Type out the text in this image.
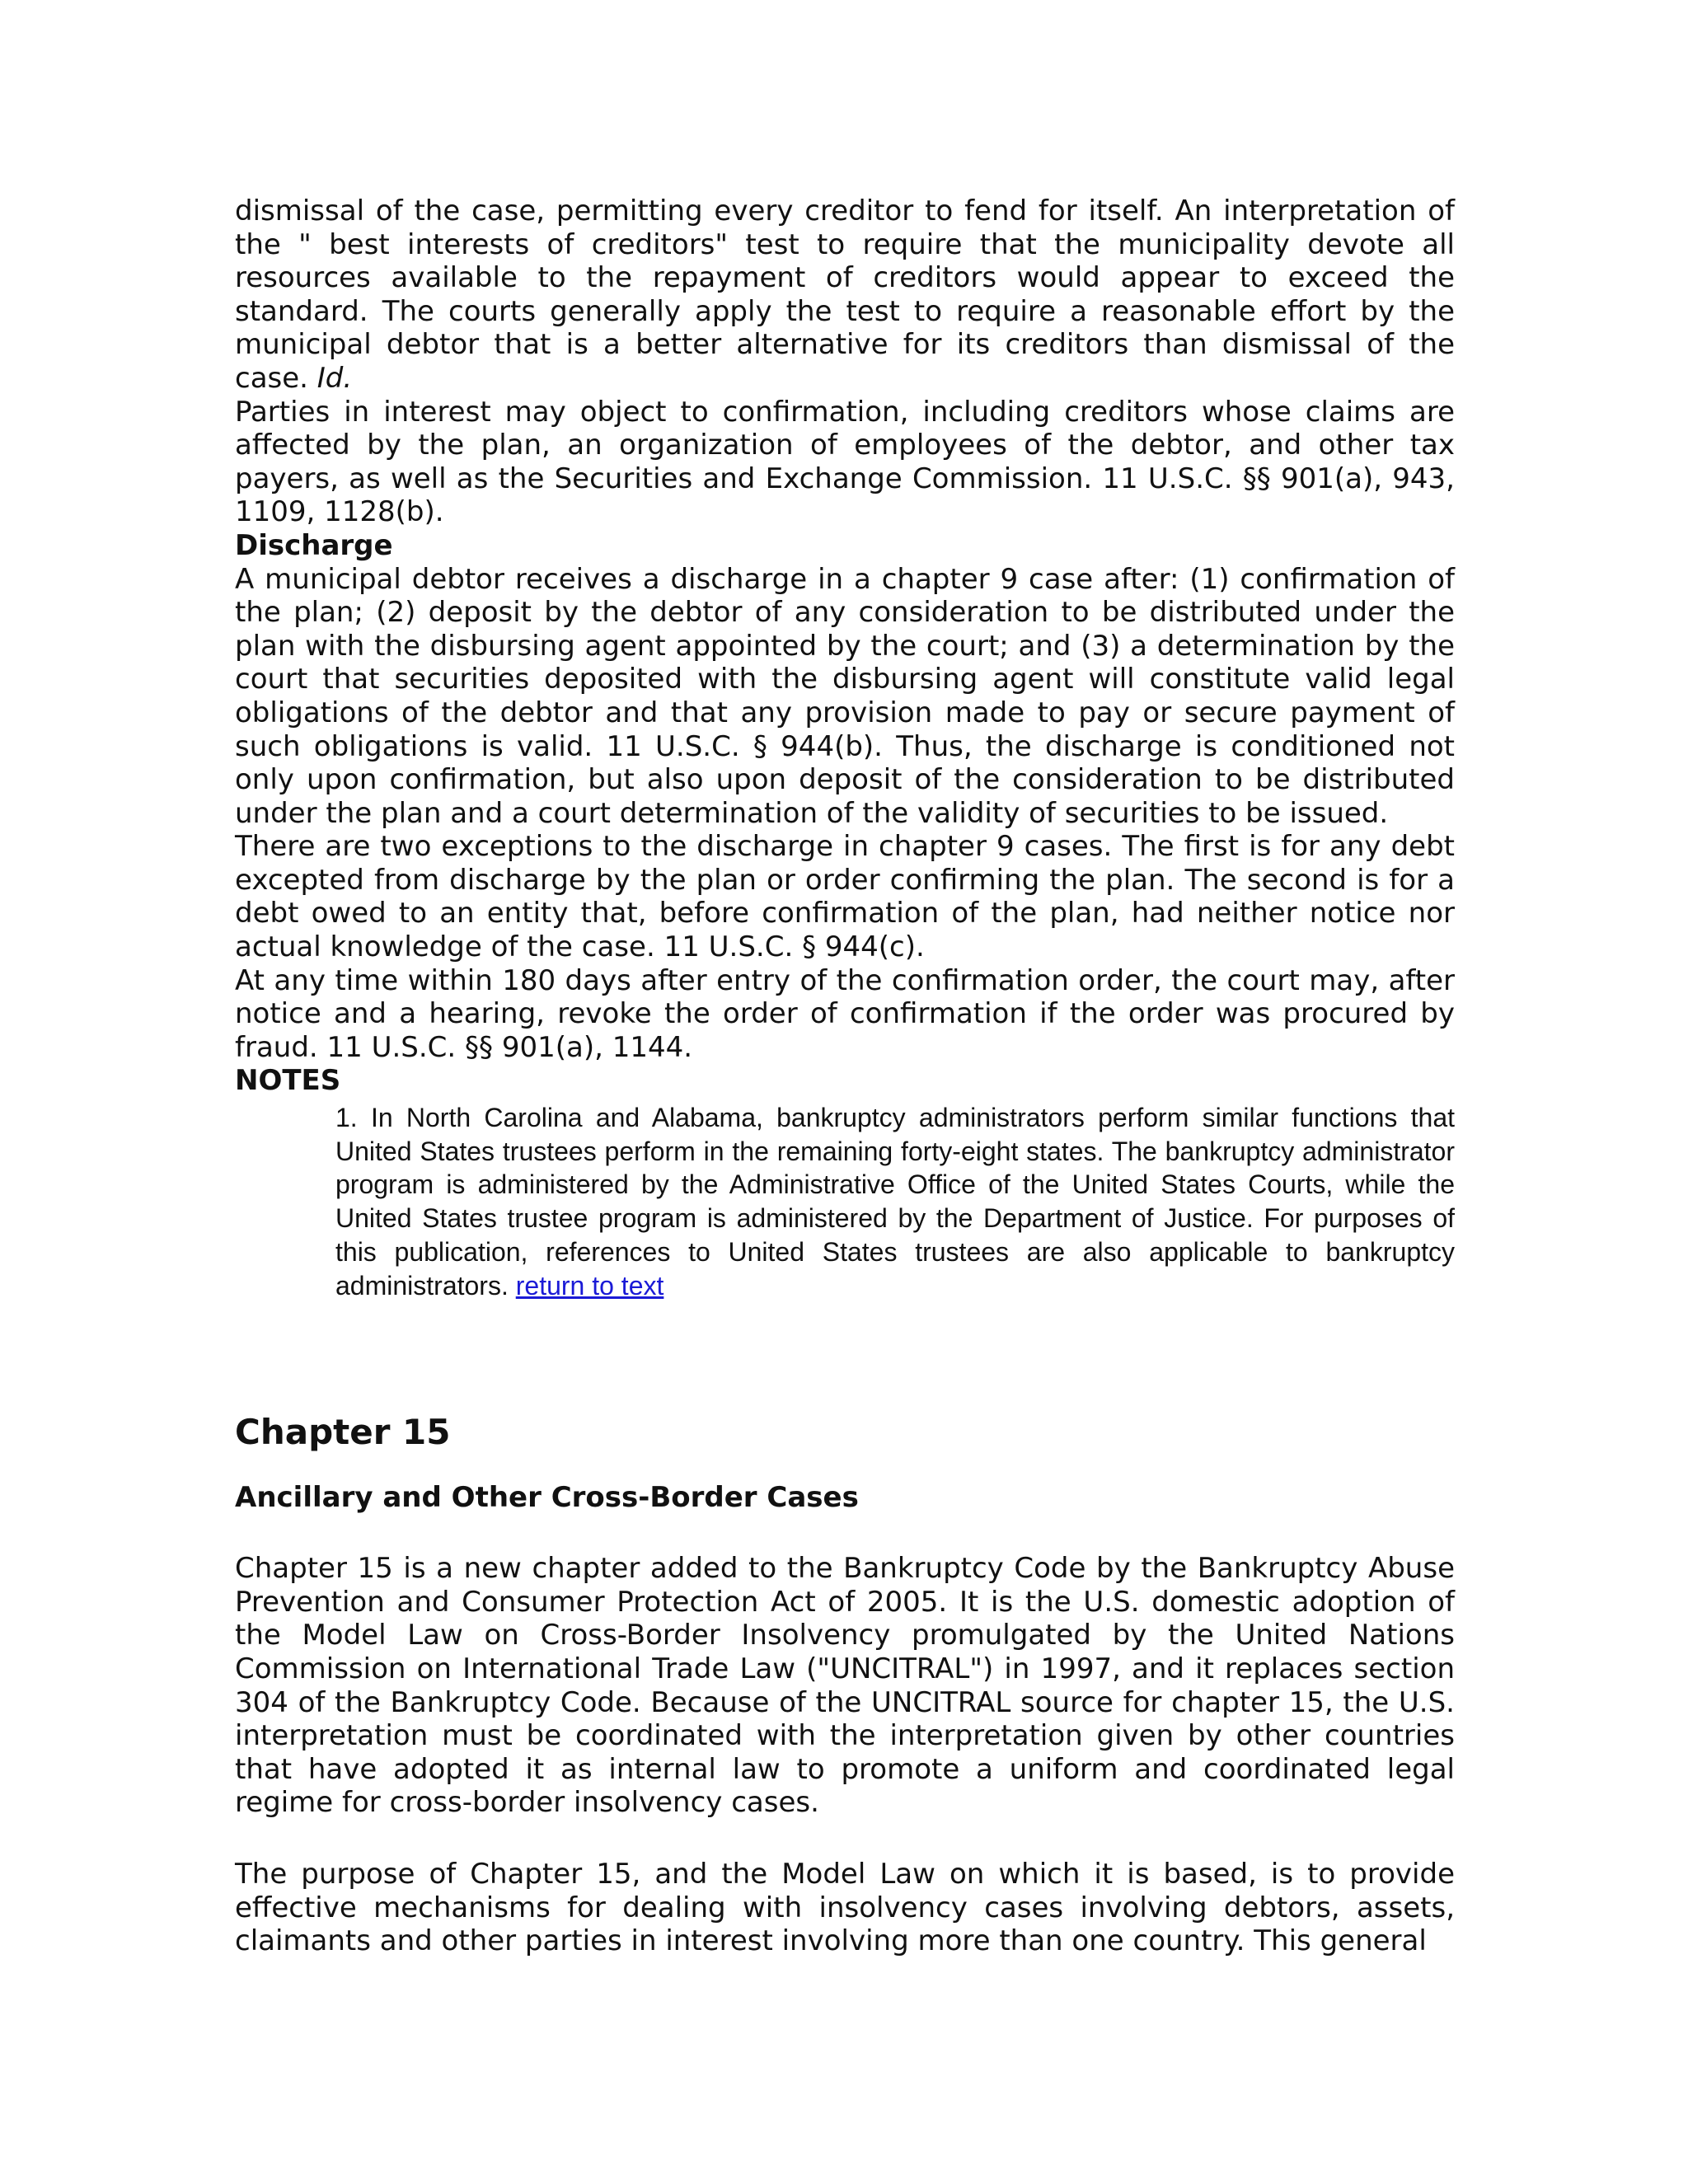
dismissal of the case, permitting every creditor to fend for itself. An interpretation of the " best interests of creditors" test to require that the municipality devote all resources available to the repayment of creditors would appear to exceed the standard. The courts generally apply the test to require a reasonable effort by the municipal debtor that is a better alternative for its creditors than dismissal of the case. Id.

Parties in interest may object to confirmation, including creditors whose claims are affected by the plan, an organization of employees of the debtor, and other tax payers, as well as the Securities and Exchange Commission. 11 U.S.C. §§ 901(a), 943, 1109, 1128(b).

Discharge

A municipal debtor receives a discharge in a chapter 9 case after: (1) confirmation of the plan; (2) deposit by the debtor of any consideration to be distributed under the plan with the disbursing agent appointed by the court; and (3) a determination by the court that securities deposited with the disbursing agent will constitute valid legal obligations of the debtor and that any provision made to pay or secure payment of such obligations is valid. 11 U.S.C. § 944(b). Thus, the discharge is conditioned not only upon confirmation, but also upon deposit of the consideration to be distributed under the plan and a court determination of the validity of securities to be issued.

There are two exceptions to the discharge in chapter 9 cases. The first is for any debt excepted from discharge by the plan or order confirming the plan. The second is for a debt owed to an entity that, before confirmation of the plan, had neither notice nor actual knowledge of the case. 11 U.S.C. § 944(c).

At any time within 180 days after entry of the confirmation order, the court may, after notice and a hearing, revoke the order of confirmation if the order was procured by fraud. 11 U.S.C. §§ 901(a), 1144.

NOTES

1. In North Carolina and Alabama, bankruptcy administrators perform similar functions that United States trustees perform in the remaining forty-eight states. The bankruptcy administrator program is administered by the Administrative Office of the United States Courts, while the United States trustee program is administered by the Department of Justice. For purposes of this publication, references to United States trustees are also applicable to bankruptcy administrators. return to text

Chapter 15
Ancillary and Other Cross-Border Cases

Chapter 15 is a new chapter added to the Bankruptcy Code by the Bankruptcy Abuse Prevention and Consumer Protection Act of 2005. It is the U.S. domestic adoption of the Model Law on Cross-Border Insolvency promulgated by the United Nations Commission on International Trade Law ("UNCITRAL") in 1997, and it replaces section 304 of the Bankruptcy Code. Because of the UNCITRAL source for chapter 15, the U.S. interpretation must be coordinated with the interpretation given by other countries that have adopted it as internal law to promote a uniform and coordinated legal regime for cross-border insolvency cases.

The purpose of Chapter 15, and the Model Law on which it is based, is to provide effective mechanisms for dealing with insolvency cases involving debtors, assets, claimants and other parties in interest involving more than one country. This general
